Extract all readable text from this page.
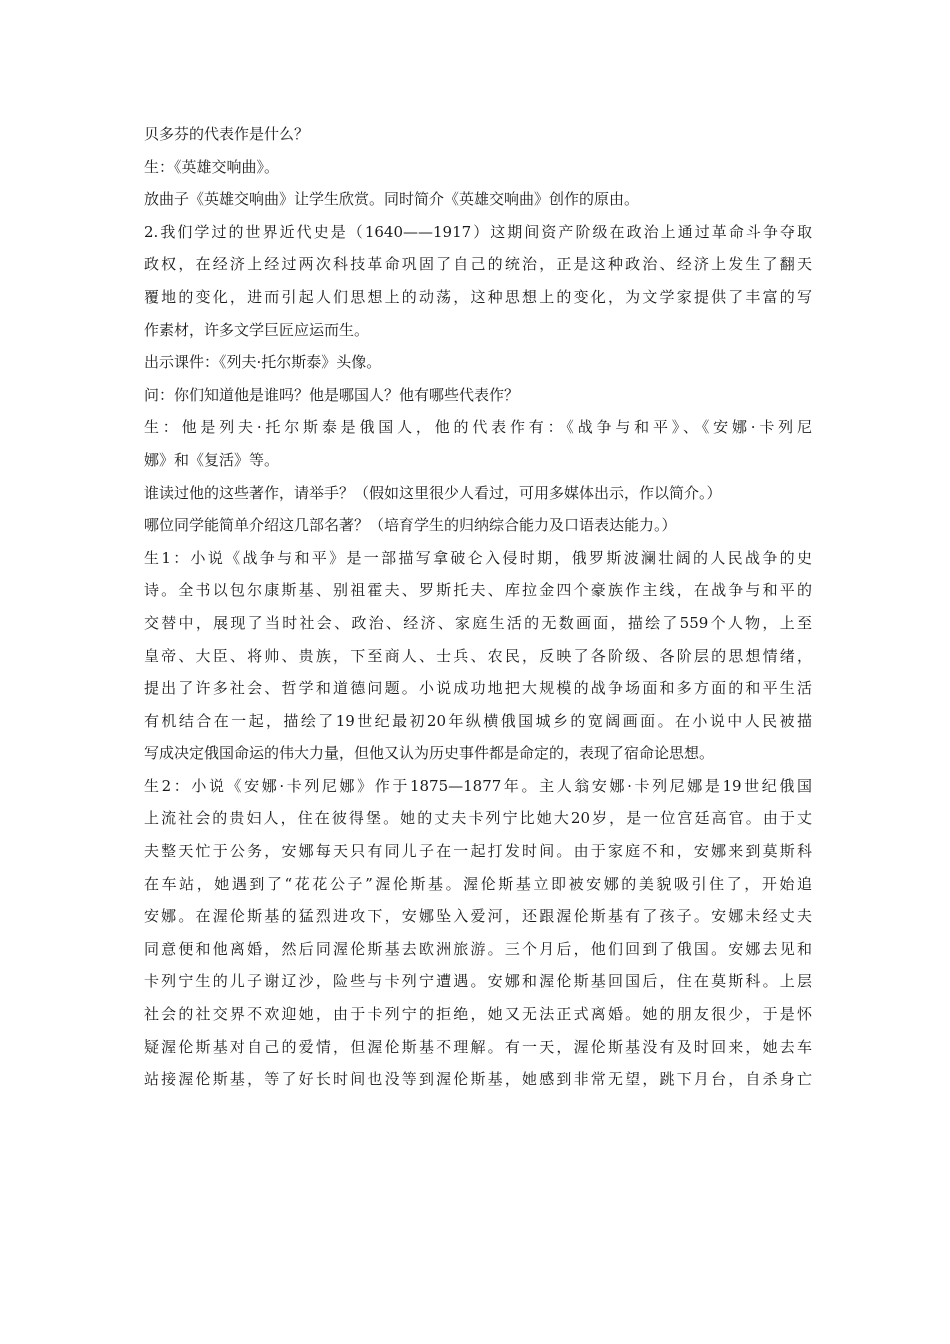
贝多芬的代表作是什么？
生：《英雄交响曲》。
放曲子《英雄交响曲》让学生欣赏。同时简介《英雄交响曲》创作的原由。
2.我们学过的世界近代史是（1640——1917）这期间资产阶级在政治上通过革命斗争夺取
政权，在经济上经过两次科技革命巩固了自己的统治，正是这种政治、经济上发生了翻天
覆地的变化，进而引起人们思想上的动荡，这种思想上的变化，为文学家提供了丰富的写
作素材，许多文学巨匠应运而生。
出示课件：《列夫·托尔斯泰》头像。
问：你们知道他是谁吗？他是哪国人？他有哪些代表作？
生：他是列夫·托尔斯泰是俄国人，他的代表作有：《战争与和平》、《安娜·卡列尼
娜》和《复活》等。
谁读过他的这些著作，请举手？（假如这里很少人看过，可用多媒体出示，作以简介。）
哪位同学能简单介绍这几部名著？（培育学生的归纳综合能力及口语表达能力。）
生1：小说《战争与和平》是一部描写拿破仑入侵时期，俄罗斯波澜壮阔的人民战争的史
诗。全书以包尔康斯基、别祖霍夫、罗斯托夫、库拉金四个豪族作主线，在战争与和平的
交替中，展现了当时社会、政治、经济、家庭生活的无数画面，描绘了559个人物，上至
皇帝、大臣、将帅、贵族，下至商人、士兵、农民，反映了各阶级、各阶层的思想情绪，
提出了许多社会、哲学和道德问题。小说成功地把大规模的战争场面和多方面的和平生活
有机结合在一起，描绘了19世纪最初20年纵横俄国城乡的宽阔画面。在小说中人民被描
写成决定俄国命运的伟大力量，但他又认为历史事件都是命定的，表现了宿命论思想。
生2：小说《安娜·卡列尼娜》作于1875—1877年。主人翁安娜·卡列尼娜是19世纪俄国
上流社会的贵妇人，住在彼得堡。她的丈夫卡列宁比她大20岁，是一位宫廷高官。由于丈
夫整天忙于公务，安娜每天只有同儿子在一起打发时间。由于家庭不和，安娜来到莫斯科
在车站，她遇到了“花花公子”渥伦斯基。渥伦斯基立即被安娜的美貌吸引住了，开始追
安娜。在渥伦斯基的猛烈进攻下，安娜坠入爱河，还跟渥伦斯基有了孩子。安娜未经丈夫
同意便和他离婚，然后同渥伦斯基去欧洲旅游。三个月后，他们回到了俄国。安娜去见和
卡列宁生的儿子谢辽沙，险些与卡列宁遭遇。安娜和渥伦斯基回国后，住在莫斯科。上层
社会的社交界不欢迎她，由于卡列宁的拒绝，她又无法正式离婚。她的朋友很少，于是怀
疑渥伦斯基对自己的爱情，但渥伦斯基不理解。有一天，渥伦斯基没有及时回来，她去车
站接渥伦斯基，等了好长时间也没等到渥伦斯基，她感到非常无望，跳下月台，自杀身亡
